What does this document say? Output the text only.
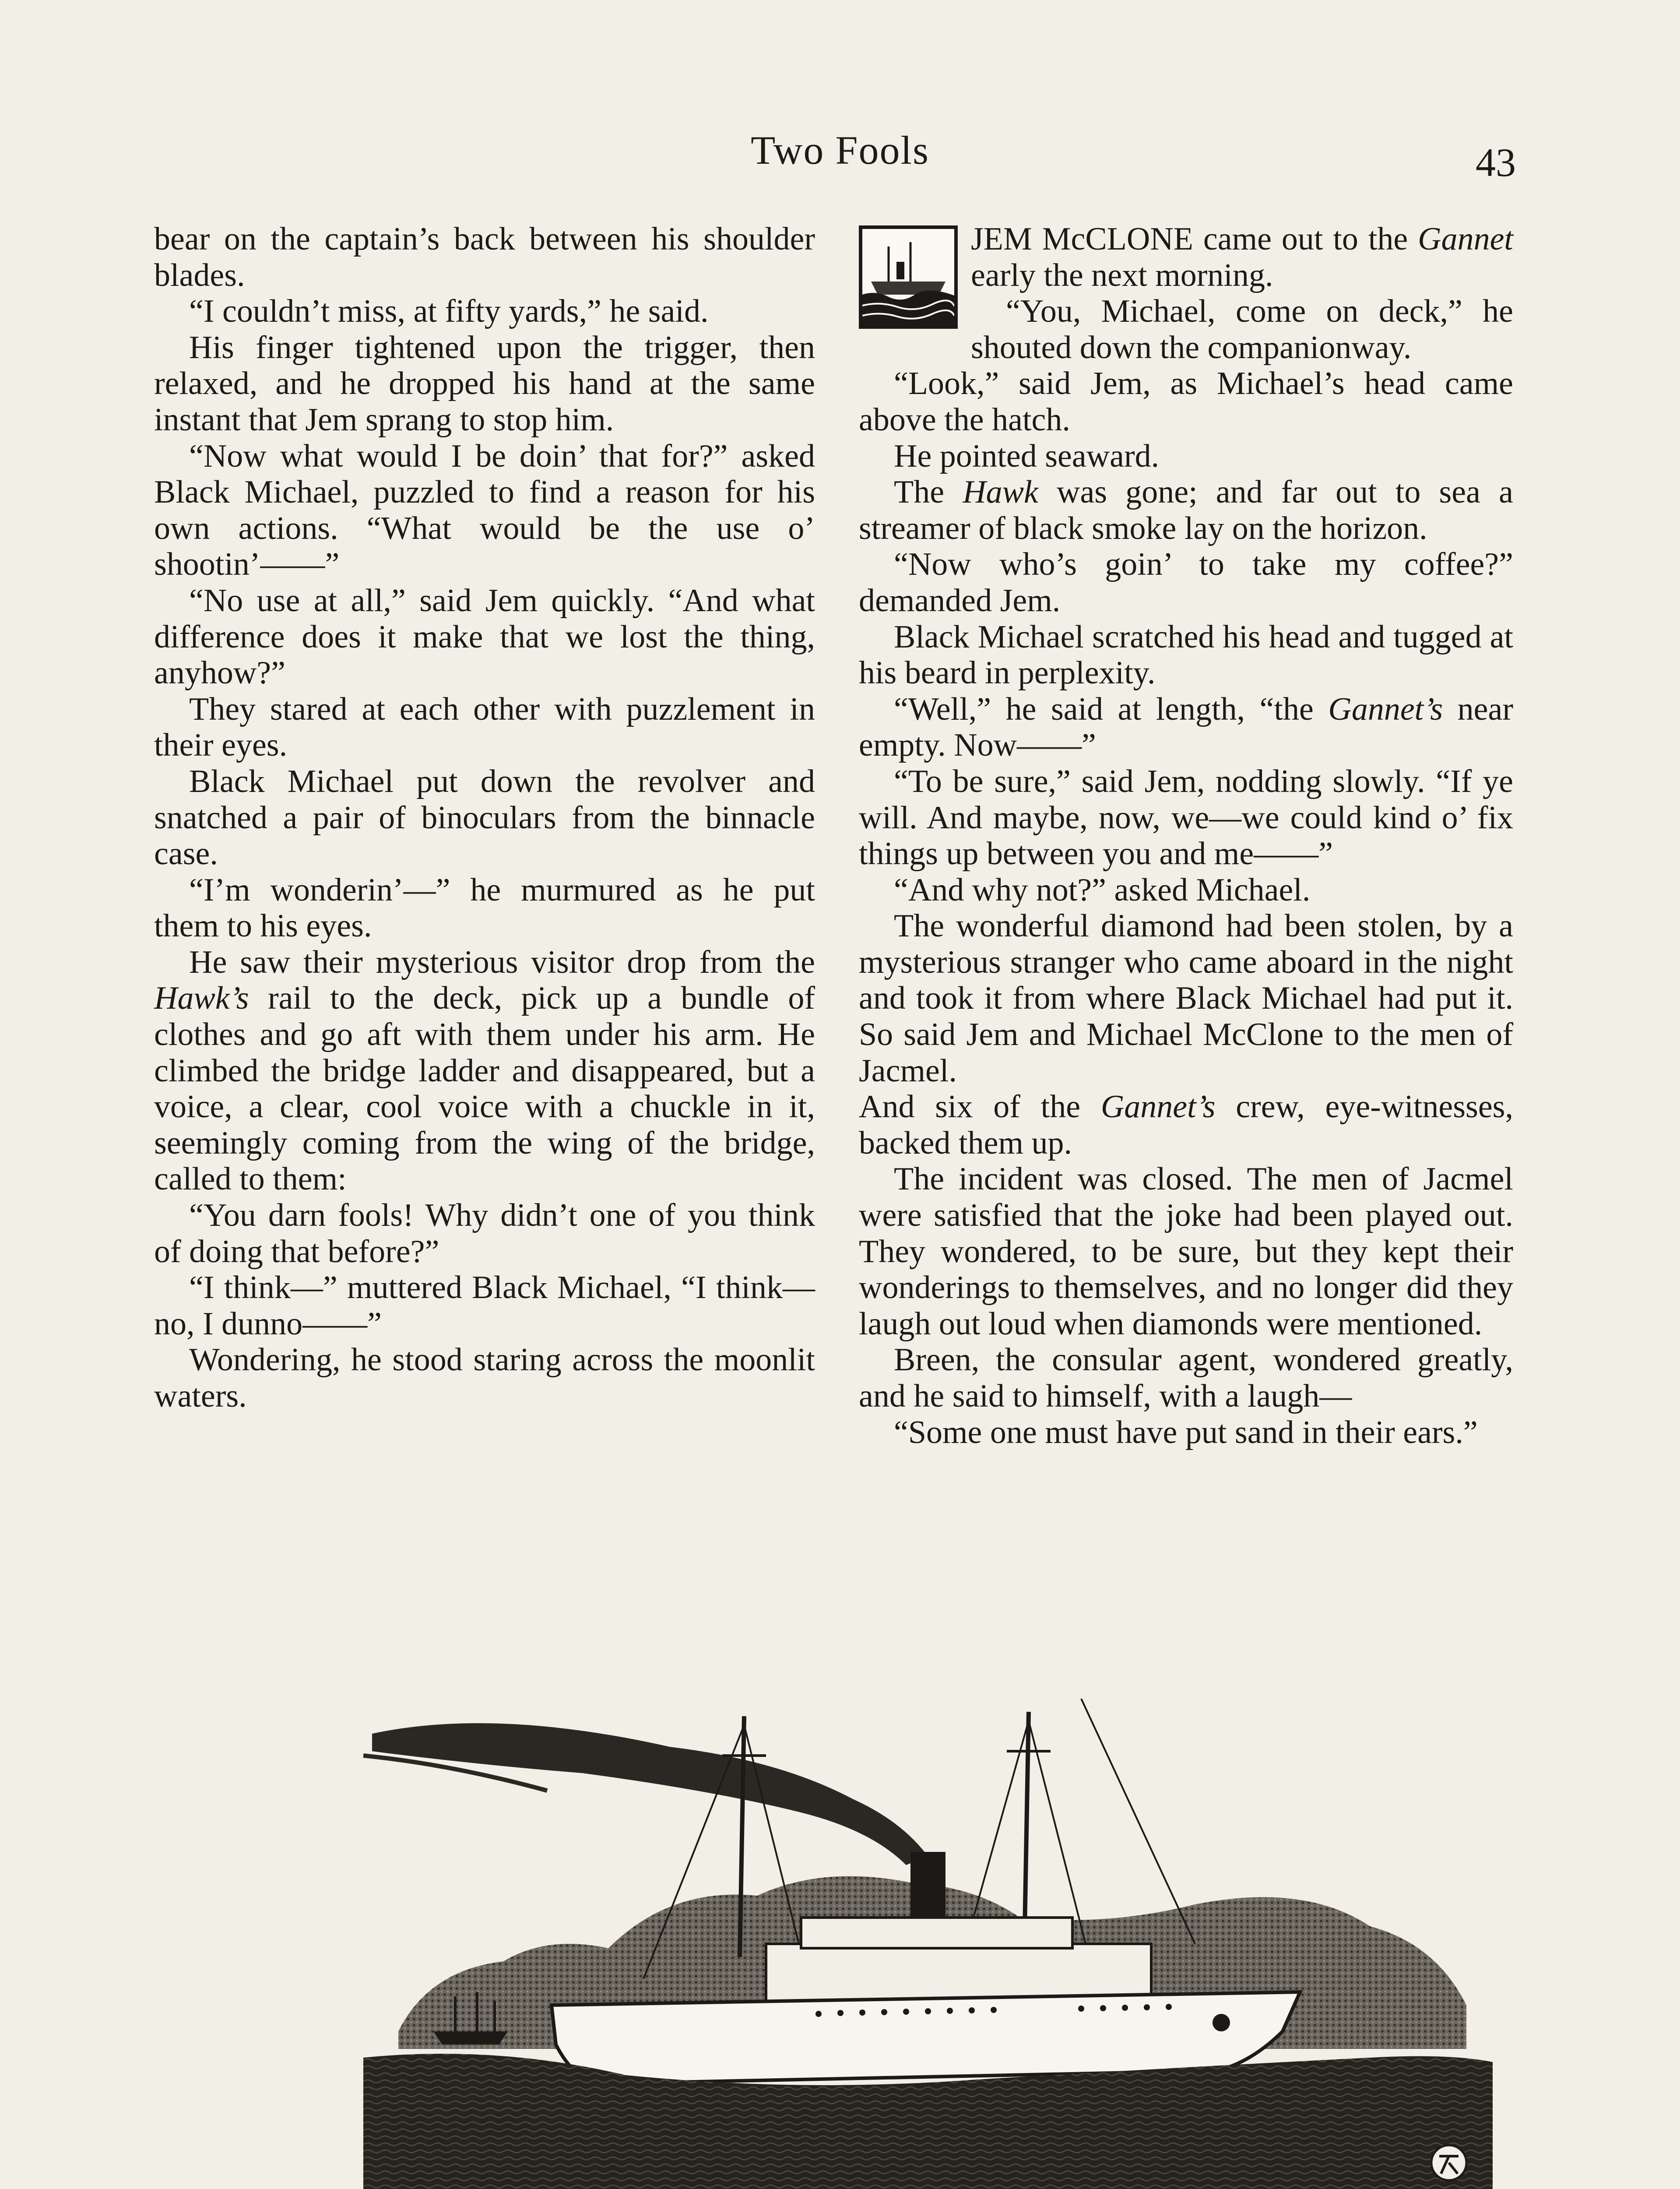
Two Fools	43

bear on the captain’s back between his shoulder blades.

“I couldn’t miss, at fifty yards,” he said.

His finger tightened upon the trigger, then relaxed, and he dropped his hand at the same instant that Jem sprang to stop him.

“Now what would I be doin’ that for?” asked Black Michael, puzzled to find a reason for his own actions. “What would be the use o’ shootin’——”

“No use at all,” said Jem quickly. “And what difference does it make that we lost the thing, anyhow?”

They stared at each other with puzzlement in their eyes.

Black Michael put down the revolver and snatched a pair of binoculars from the binnacle case.

“I’m wonderin’—” he murmured as he put them to his eyes.

He saw their mysterious visitor drop from the Hawk’s rail to the deck, pick up a bundle of clothes and go aft with them under his arm. He climbed the bridge ladder and disappeared, but a voice, a clear, cool voice with a chuckle in it, seemingly coming from the wing of the bridge, called to them:

“You darn fools! Why didn’t one of you think of doing that before?”

“I think—” muttered Black Michael, “I think—no, I dunno——”

Wondering, he stood staring across the moonlit waters.

JEM McCLONE came out to the Gannet early the next morning.

“You, Michael, come on deck,” he shouted down the companionway.

“Look,” said Jem, as Michael’s head came above the hatch.

He pointed seaward.

The Hawk was gone; and far out to sea a streamer of black smoke lay on the horizon.

“Now who’s goin’ to take my coffee?” demanded Jem.

Black Michael scratched his head and tugged at his beard in perplexity.

“Well,” he said at length, “the Gannet’s near empty. Now——”

“To be sure,” said Jem, nodding slowly. “If ye will. And maybe, now, we—we could kind o’ fix things up between you and me——”

“And why not?” asked Michael.

The wonderful diamond had been stolen, by a mysterious stranger who came aboard in the night and took it from where Black Michael had put it. So said Jem and Michael McClone to the men of Jacmel.

And six of the Gannet’s crew, eye-witnesses, backed them up.

The incident was closed. The men of Jacmel were satisfied that the joke had been played out. They wondered, to be sure, but they kept their wonderings to themselves, and no longer did they laugh out loud when diamonds were mentioned.

Breen, the consular agent, wondered greatly, and he said to himself, with a laugh—

“Some one must have put sand in their ears.”
